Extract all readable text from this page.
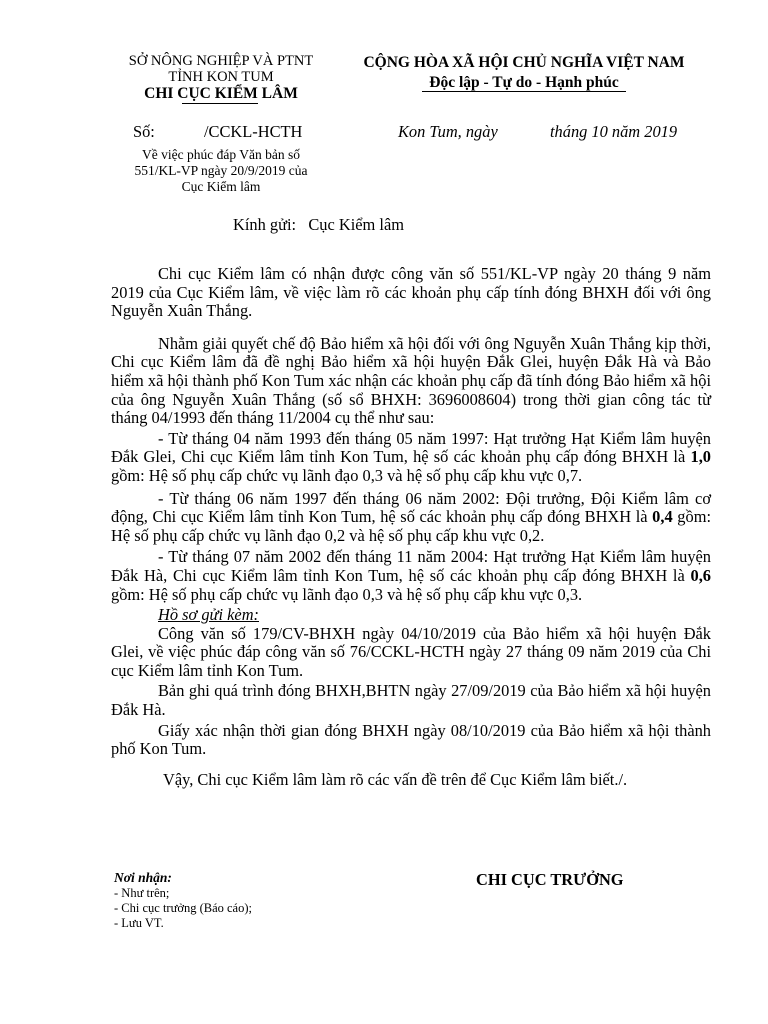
SỞ NÔNG NGHIỆP VÀ PTNT
TỈNH KON TUM
CHI CỤC KIỂM LÂM
CỘNG HÒA XÃ HỘI CHỦ NGHĨA VIỆT NAM
Độc lập - Tự do - Hạnh phúc
Số:	/CCKL-HCTH	Kon Tum, ngày	tháng 10 năm 2019
Về việc phúc đáp Văn bản số
551/KL-VP ngày 20/9/2019 của
Cục Kiểm lâm
Kính gửi: Cục Kiểm lâm

Chi cục Kiểm lâm có nhận được công văn số 551/KL-VP ngày 20 tháng 9 năm 2019 của Cục Kiểm lâm, về việc làm rõ các khoản phụ cấp tính đóng BHXH đối với ông Nguyễn Xuân Thắng.

Nhằm giải quyết chế độ Bảo hiểm xã hội đối với ông Nguyễn Xuân Thắng kịp thời, Chi cục Kiểm lâm đã đề nghị Bảo hiểm xã hội huyện Đắk Glei, huyện Đắk Hà và Bảo hiểm xã hội thành phố Kon Tum xác nhận các khoản phụ cấp đã tính đóng Bảo hiểm xã hội của ông Nguyễn Xuân Thắng (số sổ BHXH: 3696008604) trong thời gian công tác từ tháng 04/1993 đến tháng 11/2004 cụ thể như sau:

- Từ tháng 04 năm 1993 đến tháng 05 năm 1997: Hạt trưởng Hạt Kiểm lâm huyện Đắk Glei, Chi cục Kiểm lâm tỉnh Kon Tum, hệ số các khoản phụ cấp đóng BHXH là 1,0 gồm: Hệ số phụ cấp chức vụ lãnh đạo 0,3 và hệ số phụ cấp khu vực 0,7.

- Từ tháng 06 năm 1997 đến tháng 06 năm 2002: Đội trưởng, Đội Kiểm lâm cơ động, Chi cục Kiểm lâm tỉnh Kon Tum, hệ số các khoản phụ cấp đóng BHXH là 0,4 gồm: Hệ số phụ cấp chức vụ lãnh đạo 0,2 và hệ số phụ cấp khu vực 0,2.

- Từ tháng 07 năm 2002 đến tháng 11 năm 2004: Hạt trưởng Hạt Kiểm lâm huyện Đắk Hà, Chi cục Kiểm lâm tỉnh Kon Tum, hệ số các khoản phụ cấp đóng BHXH là 0,6 gồm: Hệ số phụ cấp chức vụ lãnh đạo 0,3 và hệ số phụ cấp khu vực 0,3.

Hồ sơ gửi kèm:

Công văn số 179/CV-BHXH ngày 04/10/2019 của Bảo hiểm xã hội huyện Đắk Glei, về việc phúc đáp công văn số 76/CCKL-HCTH ngày 27 tháng 09 năm 2019 của Chi cục Kiểm lâm tỉnh Kon Tum.

Bản ghi quá trình đóng BHXH,BHTN ngày 27/09/2019 của Bảo hiểm xã hội huyện Đắk Hà.

Giấy xác nhận thời gian đóng BHXH ngày 08/10/2019 của Bảo hiểm xã hội thành phố Kon Tum.

Vậy, Chi cục Kiểm lâm làm rõ các vấn đề trên để Cục Kiểm lâm biết./.

Nơi nhận:
- Như trên;
- Chi cục trưởng (Báo cáo);
- Lưu VT.
CHI CỤC TRƯỞNG
